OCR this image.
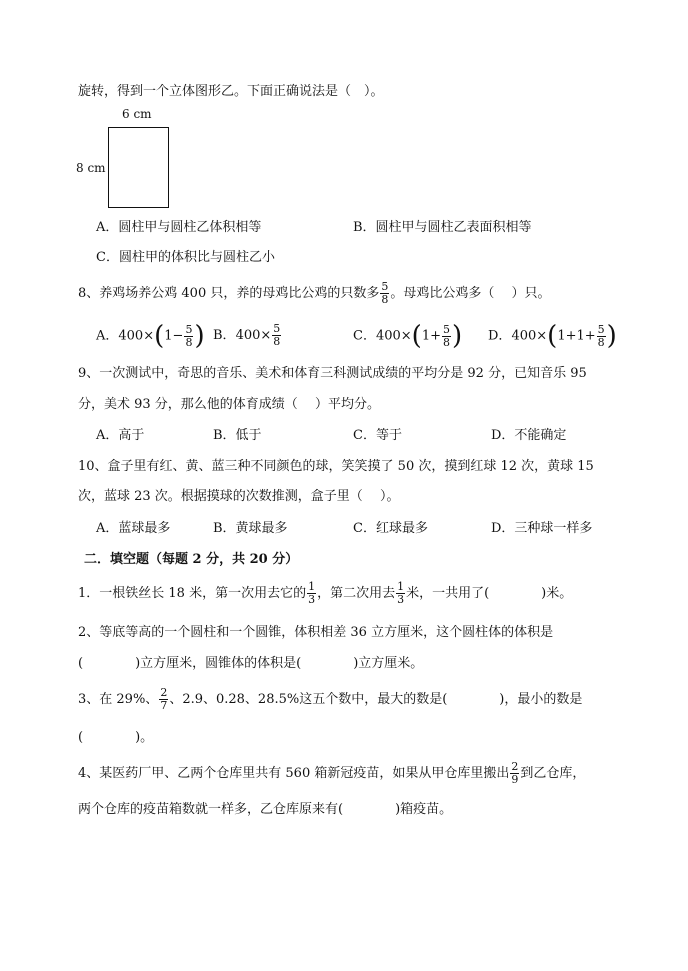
旋转，得到一个立体图形乙。下面正确说法是（　）。
6 cm
8 cm
A．圆柱甲与圆柱乙体积相等	B．圆柱甲与圆柱乙表面积相等
C．圆柱甲的体积比与圆柱乙小
8、养鸡场养公鸡 400 只，养的母鸡比公鸡的只数多 $\frac{5}{8}$ 。母鸡比公鸡多（　 ）只。
A．$400\times(1- \frac{5}{8}$ ) B．$400\times \frac{5}{8}$	C．$400\times(1+ \frac{5}{8}$ ) D．$400\times(1+1+ \frac{5}{8}$ )
9、一次测试中，奇思的音乐、美术和体育三科测试成绩的平均分是 92 分，已知音乐 95
分，美术 93 分，那么他的体育成绩（　 ）平均分。
A．高于	B．低于	C．等于	D．不能确定
10、盒子里有红、黄、蓝三种不同颜色的球，笑笑摸了 50 次，摸到红球 12 次，黄球 15
次，蓝球 23 次。根据摸球的次数推测，盒子里（　 ）。
A．蓝球最多	B．黄球最多	C．红球最多	D．三种球一样多
二．填空题（每题 2 分，共 20 分）
1．一根铁丝长 18 米，第一次用去它的 $\frac{1}{3}$ ，第二次用去 $\frac{1}{3}$ 米，一共用了(　　　　)米。
2、等底等高的一个圆柱和一个圆锥，体积相差 36 立方厘米，这个圆柱体的体积是
(　　　　)立方厘米，圆锥体的体积是(　　　　)立方厘米。
3、在 29%、 $\frac{2}{7}$ 、2.9、0.28、28.5%这五个数中，最大的数是(　　　　)，最小的数是
(　　　　)。
4、某医药厂甲、乙两个仓库里共有 560 箱新冠疫苗，如果从甲仓库里搬出 $\frac{2}{9}$ 到乙仓库，
两个仓库的疫苗箱数就一样多，乙仓库原来有(　　　　)箱疫苗。
